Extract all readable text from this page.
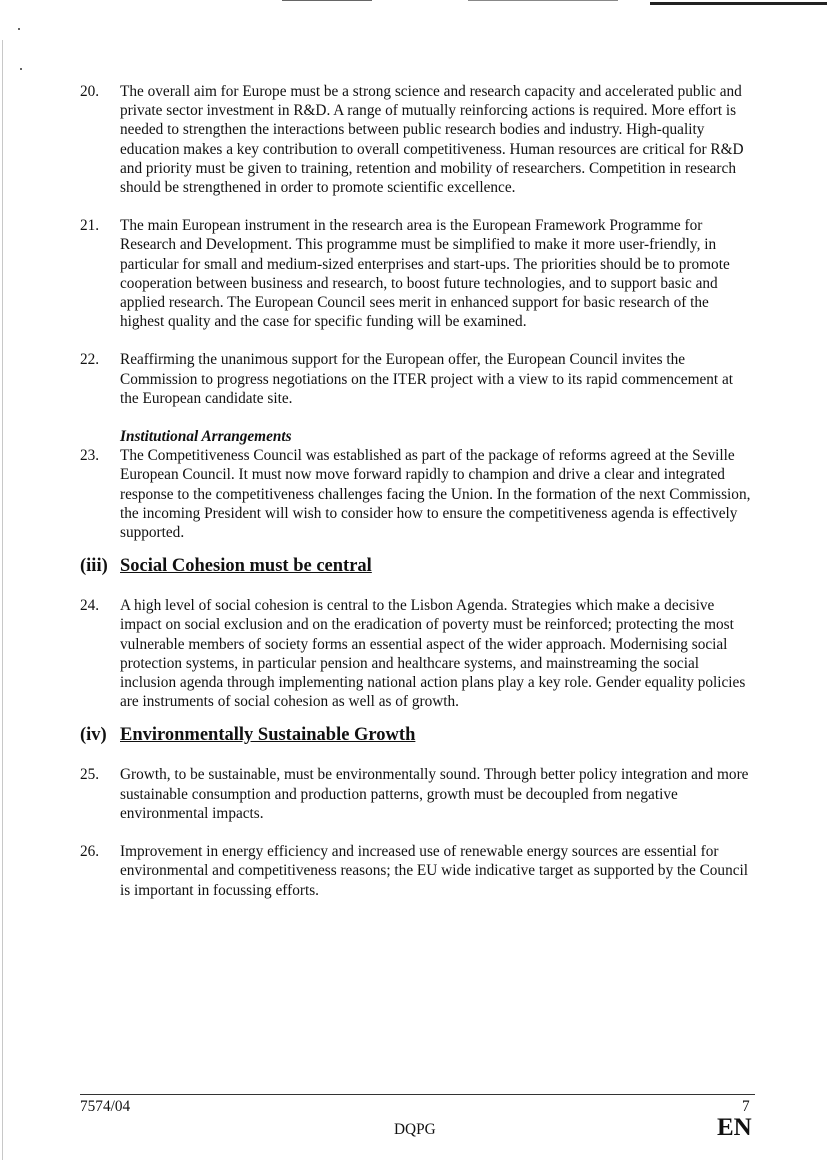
20.	The overall aim for Europe must be a strong science and research capacity and accelerated public and private sector investment in R&D. A range of mutually reinforcing actions is required. More effort is needed to strengthen the interactions between public research bodies and industry. High-quality education makes a key contribution to overall competitiveness. Human resources are critical for R&D and priority must be given to training, retention and mobility of researchers. Competition in research should be strengthened in order to promote scientific excellence.
21.	The main European instrument in the research area is the European Framework Programme for Research and Development. This programme must be simplified to make it more user-friendly, in particular for small and medium-sized enterprises and start-ups. The priorities should be to promote cooperation between business and research, to boost future technologies, and to support basic and applied research. The European Council sees merit in enhanced support for basic research of the highest quality and the case for specific funding will be examined.
22.	Reaffirming the unanimous support for the European offer, the European Council invites the Commission to progress negotiations on the ITER project with a view to its rapid commencement at the European candidate site.
Institutional Arrangements
23.	The Competitiveness Council was established as part of the package of reforms agreed at the Seville European Council. It must now move forward rapidly to champion and drive a clear and integrated response to the competitiveness challenges facing the Union. In the formation of the next Commission, the incoming President will wish to consider how to ensure the competitiveness agenda is effectively supported.
(iii) Social Cohesion must be central
24.	A high level of social cohesion is central to the Lisbon Agenda. Strategies which make a decisive impact on social exclusion and on the eradication of poverty must be reinforced; protecting the most vulnerable members of society forms an essential aspect of the wider approach. Modernising social protection systems, in particular pension and healthcare systems, and mainstreaming the social inclusion agenda through implementing national action plans play a key role. Gender equality policies are instruments of social cohesion as well as of growth.
(iv) Environmentally Sustainable Growth
25.	Growth, to be sustainable, must be environmentally sound. Through better policy integration and more sustainable consumption and production patterns, growth must be decoupled from negative environmental impacts.
26.	Improvement in energy efficiency and increased use of renewable energy sources are essential for environmental and competitiveness reasons; the EU wide indicative target as supported by the Council is important in focussing efforts.
7574/04	7
DQPG	EN
